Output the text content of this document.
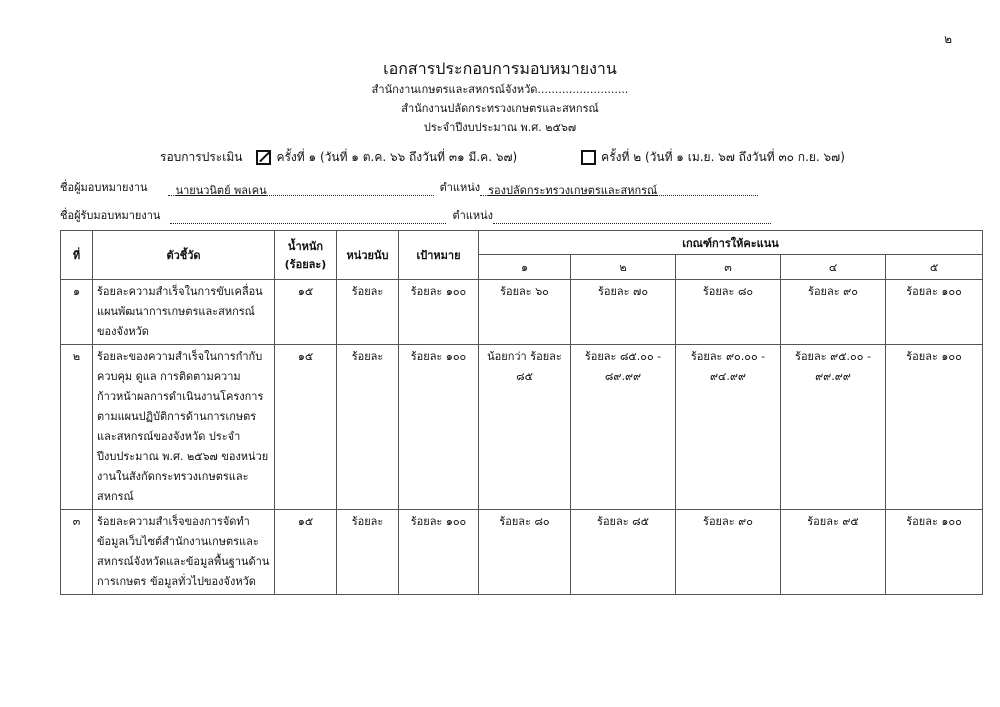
๒
เอกสารประกอบการมอบหมายงาน
สำนักงานเกษตรและสหกรณ์จังหวัด..........................
สำนักงานปลัดกระทรวงเกษตรและสหกรณ์
ประจำปีงบประมาณ พ.ศ. ๒๕๖๗
รอบการประเมิน	ครั้งที่ ๑ (วันที่ ๑ ต.ค. ๖๖ ถึงวันที่ ๓๑ มี.ค. ๖๗)	ครั้งที่ ๒ (วันที่ ๑ เม.ย. ๖๗ ถึงวันที่ ๓๐ ก.ย. ๖๗)
ชื่อผู้มอบหมายงาน	นายนวนิตย์ พลเคน	ตำแหน่ง รองปลัดกระทรวงเกษตรและสหกรณ์
ชื่อผู้รับมอบหมายงาน	ตำแหน่ง
ที่	ตัวชี้วัด	น้ำหนัก (ร้อยละ)	หน่วยนับ	เป้าหมาย	เกณฑ์การให้คะแนน				
					๑	๒	๓	๔	๕
๑	ร้อยละความสำเร็จในการขับเคลื่อนแผนพัฒนาการเกษตรและสหกรณ์ของจังหวัด	๑๕	ร้อยละ	ร้อยละ ๑๐๐	ร้อยละ ๖๐	ร้อยละ ๗๐	ร้อยละ ๘๐	ร้อยละ ๙๐	ร้อยละ ๑๐๐
๒	ร้อยละของความสำเร็จในการกำกับ ควบคุม ดูแล การติดตามความก้าวหน้าผลการดำเนินงานโครงการตามแผนปฏิบัติการด้านการเกษตรและสหกรณ์ของจังหวัด ประจำปีงบประมาณ พ.ศ. ๒๕๖๗ ของหน่วยงานในสังกัดกระทรวงเกษตรและสหกรณ์	๑๕	ร้อยละ	ร้อยละ ๑๐๐	น้อยกว่า ร้อยละ ๘๕	ร้อยละ ๘๕.๐๐ - ๘๙.๙๙	ร้อยละ ๙๐.๐๐ - ๙๔.๙๙	ร้อยละ ๙๕.๐๐ - ๙๙.๙๙	ร้อยละ ๑๐๐
๓	ร้อยละความสำเร็จของการจัดทำข้อมูลเว็บไซต์สำนักงานเกษตรและสหกรณ์จังหวัดและข้อมูลพื้นฐานด้านการเกษตร ข้อมูลทั่วไปของจังหวัด	๑๕	ร้อยละ	ร้อยละ ๑๐๐	ร้อยละ ๘๐	ร้อยละ ๘๕	ร้อยละ ๙๐	ร้อยละ ๙๕	ร้อยละ ๑๐๐
